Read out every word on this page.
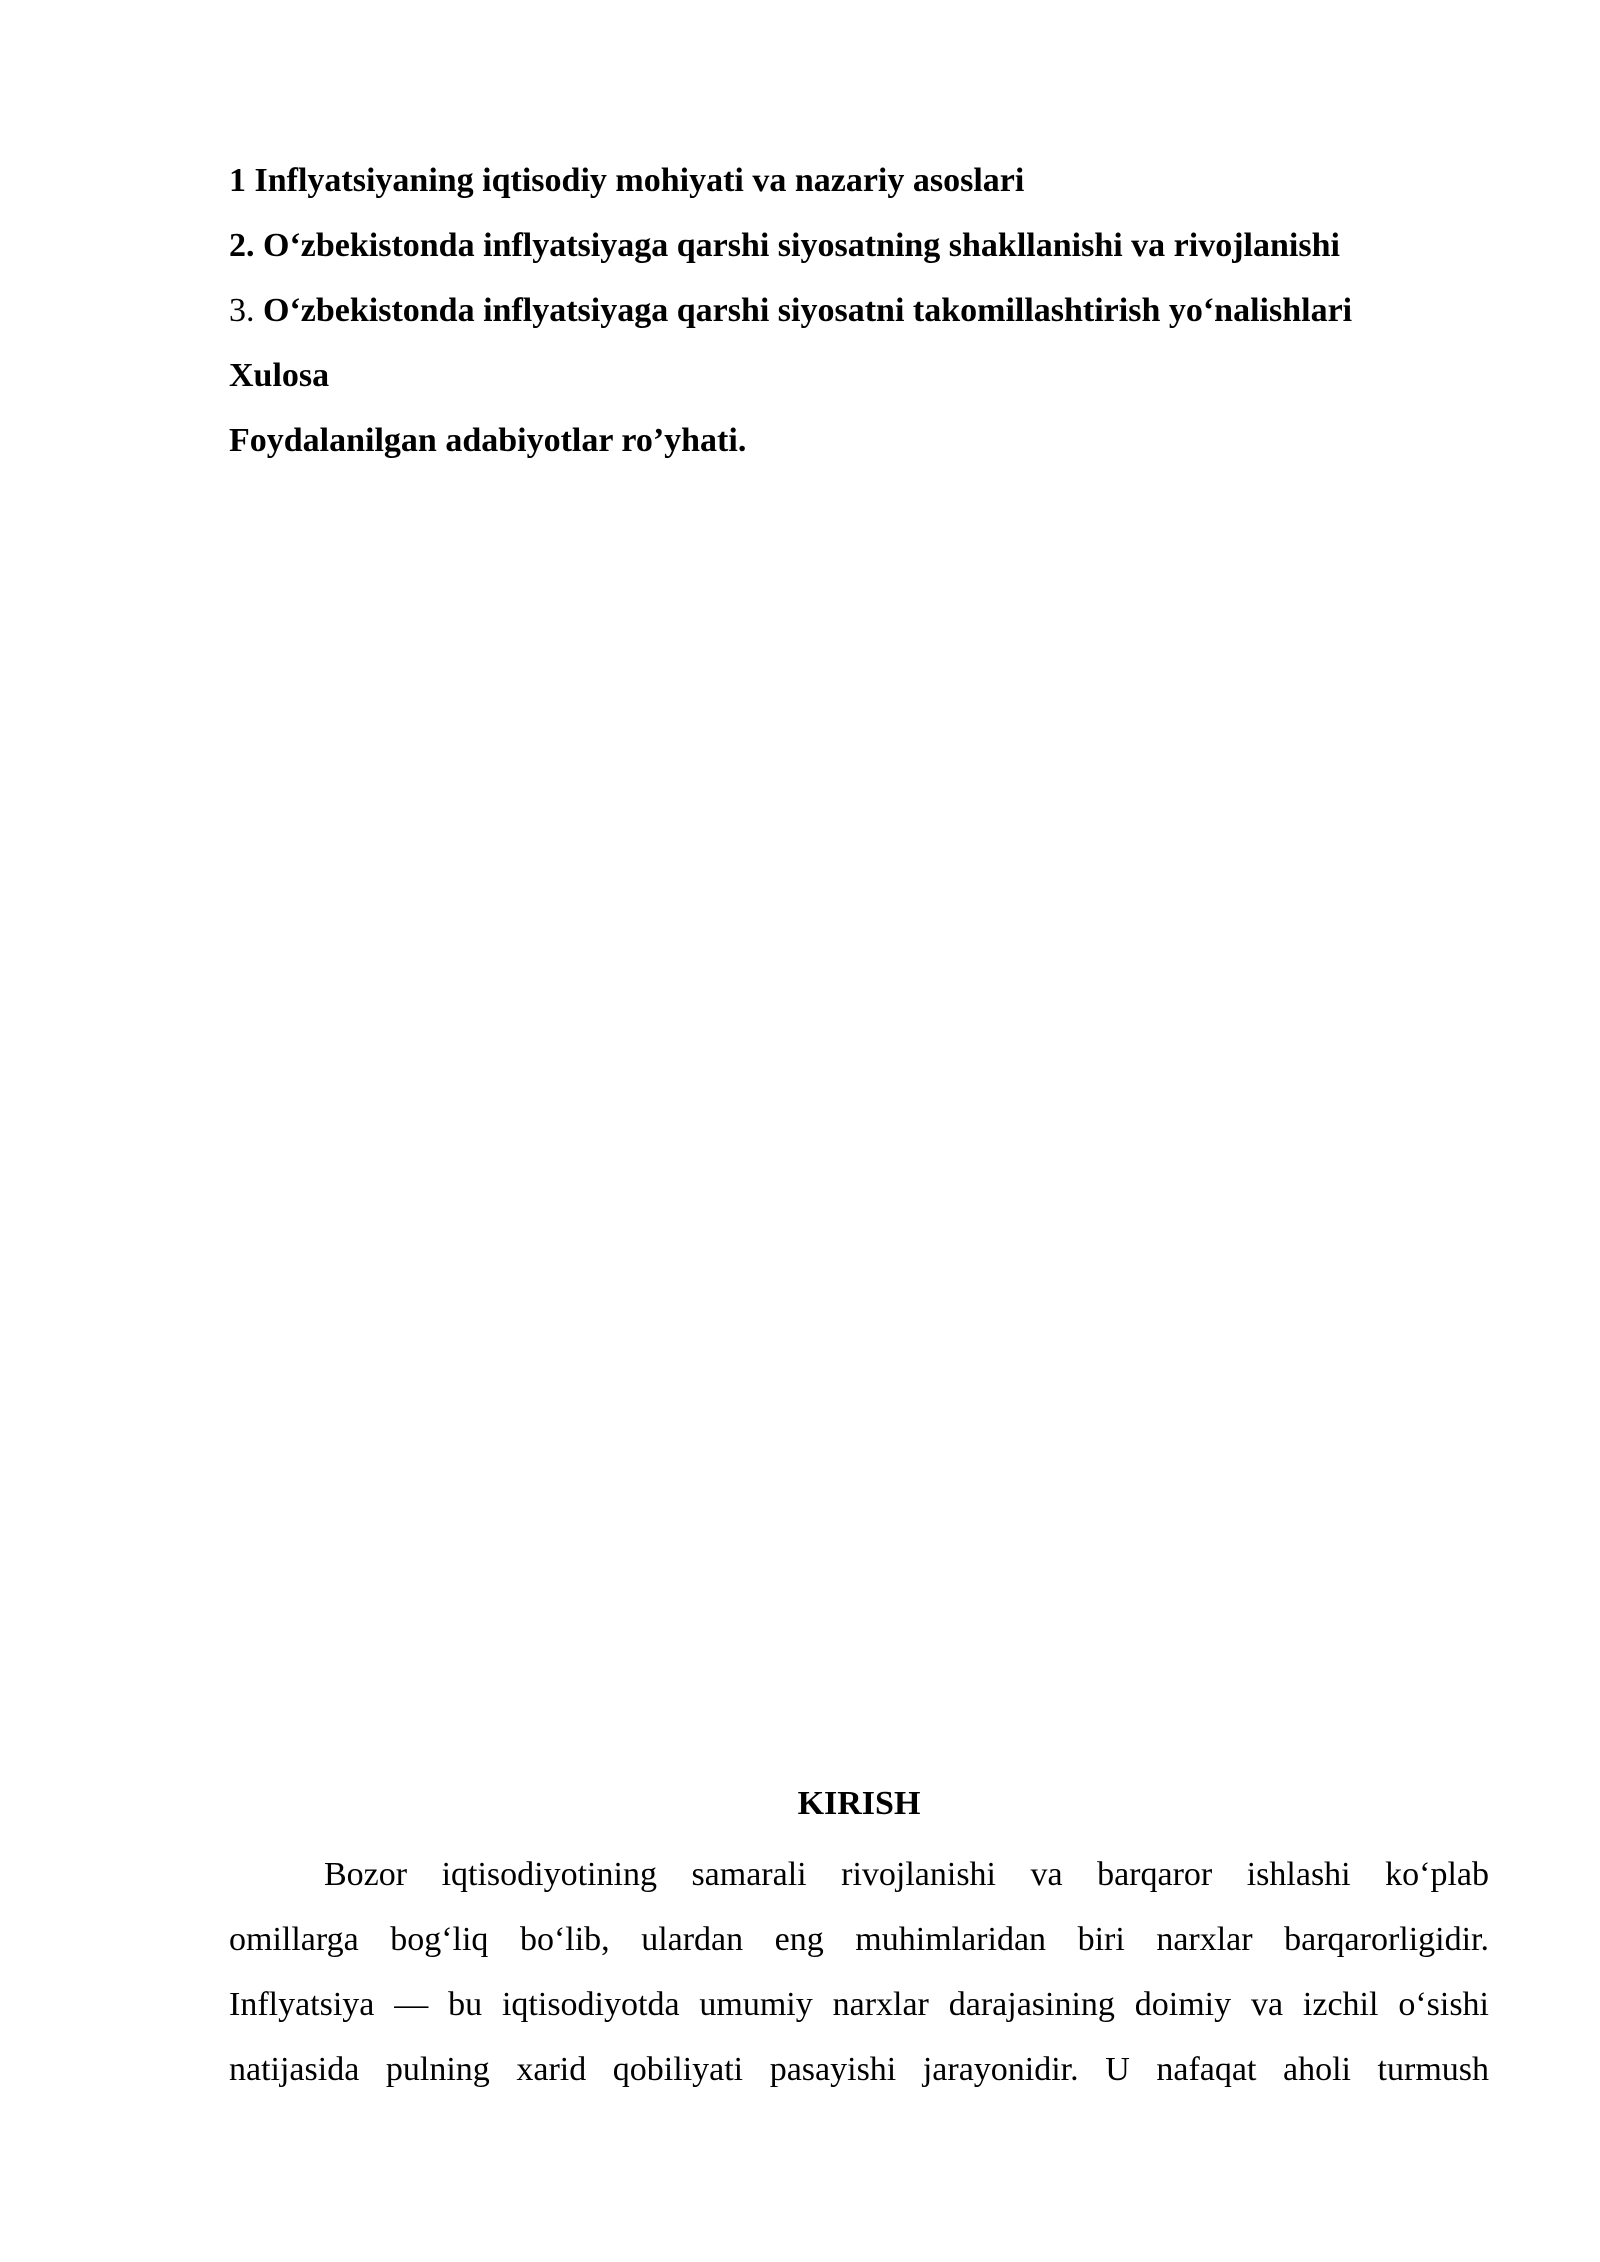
1 Inflyatsiyaning iqtisodiy mohiyati va nazariy asoslari
2. O‘zbekistonda inflyatsiyaga qarshi siyosatning shakllanishi va rivojlanishi
3. O‘zbekistonda inflyatsiyaga qarshi siyosatni takomillashtirish yo‘nalishlari
Xulosa
Foydalanilgan adabiyotlar ro’yhati.
KIRISH
Bozor iqtisodiyotining samarali rivojlanishi va barqaror ishlashi ko‘plab
omillarga bog‘liq bo‘lib, ulardan eng muhimlaridan biri narxlar barqarorligidir.
Inflyatsiya — bu iqtisodiyotda umumiy narxlar darajasining doimiy va izchil o‘sishi
natijasida pulning xarid qobiliyati pasayishi jarayonidir. U nafaqat aholi turmush
